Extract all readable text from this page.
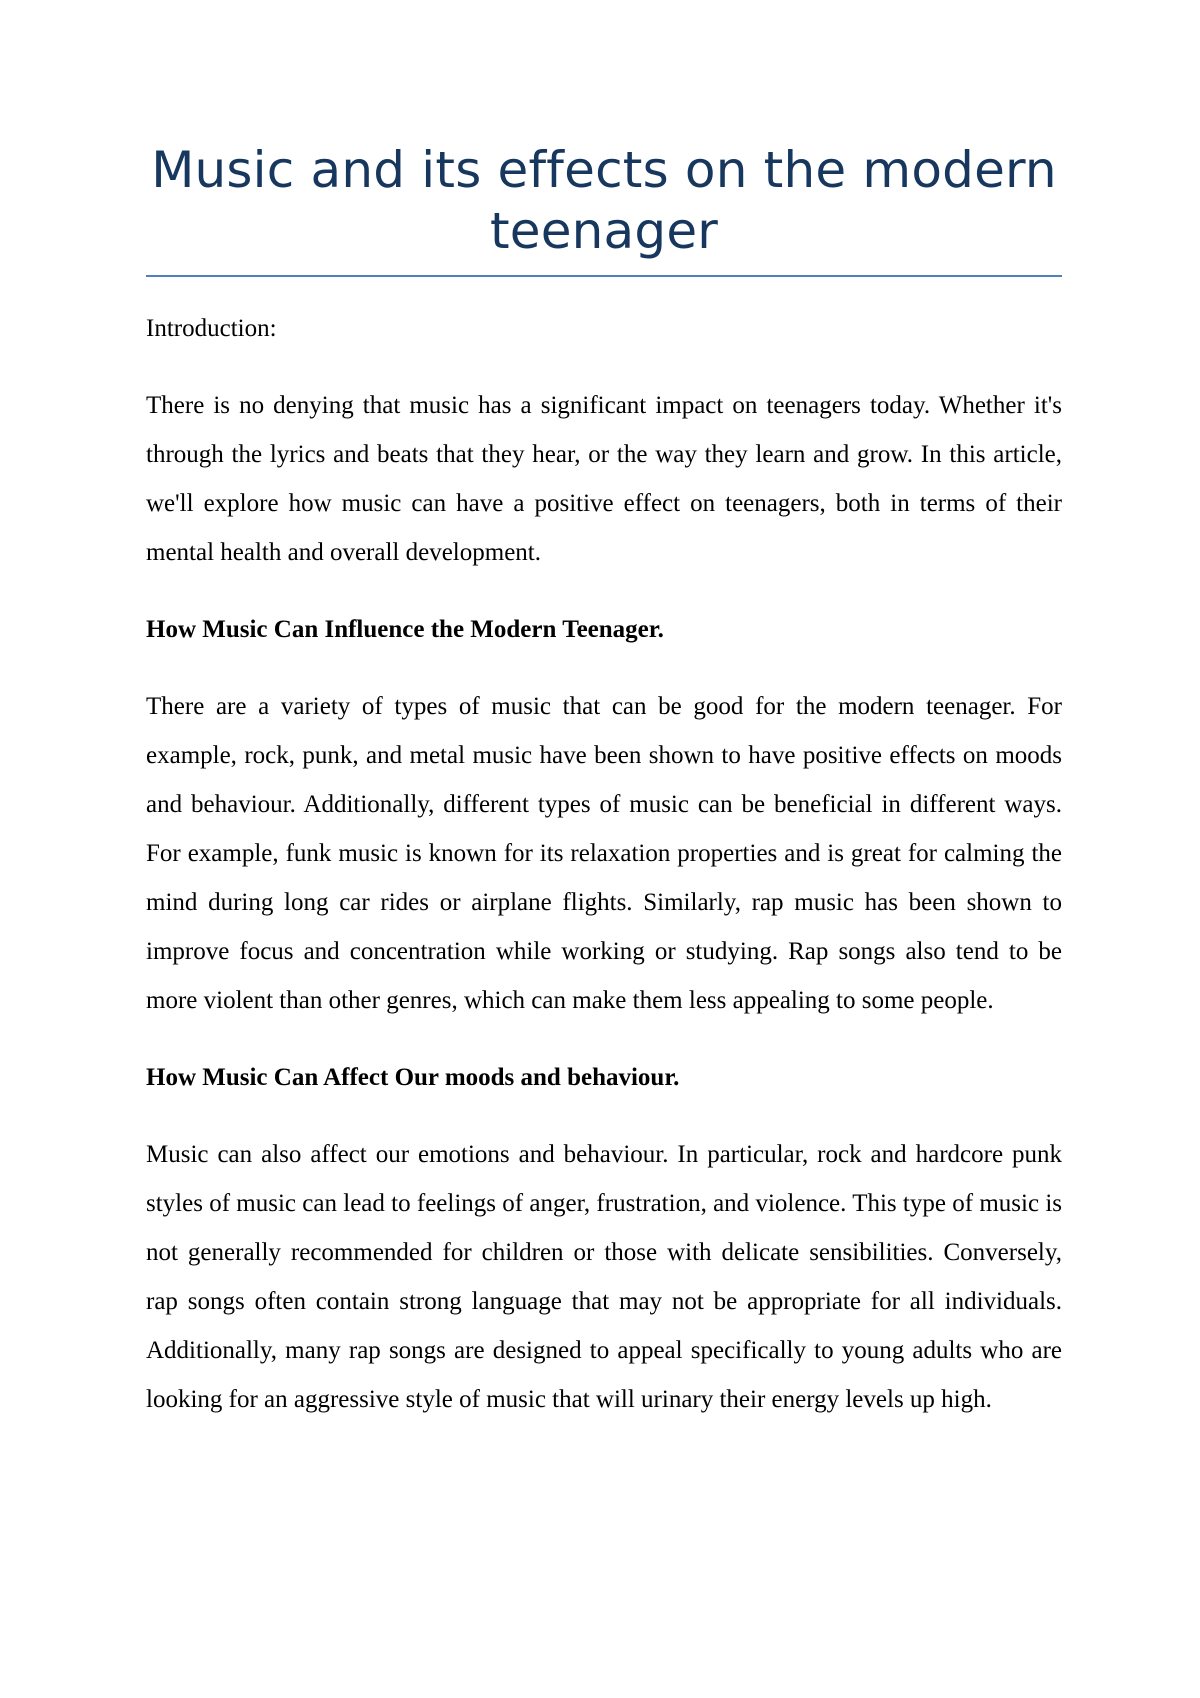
Music and its effects on the modern teenager

Introduction:

There is no denying that music has a significant impact on teenagers today. Whether it's through the lyrics and beats that they hear, or the way they learn and grow. In this article, we'll explore how music can have a positive effect on teenagers, both in terms of their mental health and overall development.

How Music Can Influence the Modern Teenager.

There are a variety of types of music that can be good for the modern teenager. For example, rock, punk, and metal music have been shown to have positive effects on moods and behaviour. Additionally, different types of music can be beneficial in different ways. For example, funk music is known for its relaxation properties and is great for calming the mind during long car rides or airplane flights. Similarly, rap music has been shown to improve focus and concentration while working or studying. Rap songs also tend to be more violent than other genres, which can make them less appealing to some people.

How Music Can Affect Our moods and behaviour.

Music can also affect our emotions and behaviour. In particular, rock and hardcore punk styles of music can lead to feelings of anger, frustration, and violence. This type of music is not generally recommended for children or those with delicate sensibilities. Conversely, rap songs often contain strong language that may not be appropriate for all individuals. Additionally, many rap songs are designed to appeal specifically to young adults who are looking for an aggressive style of music that will urinary their energy levels up high.
